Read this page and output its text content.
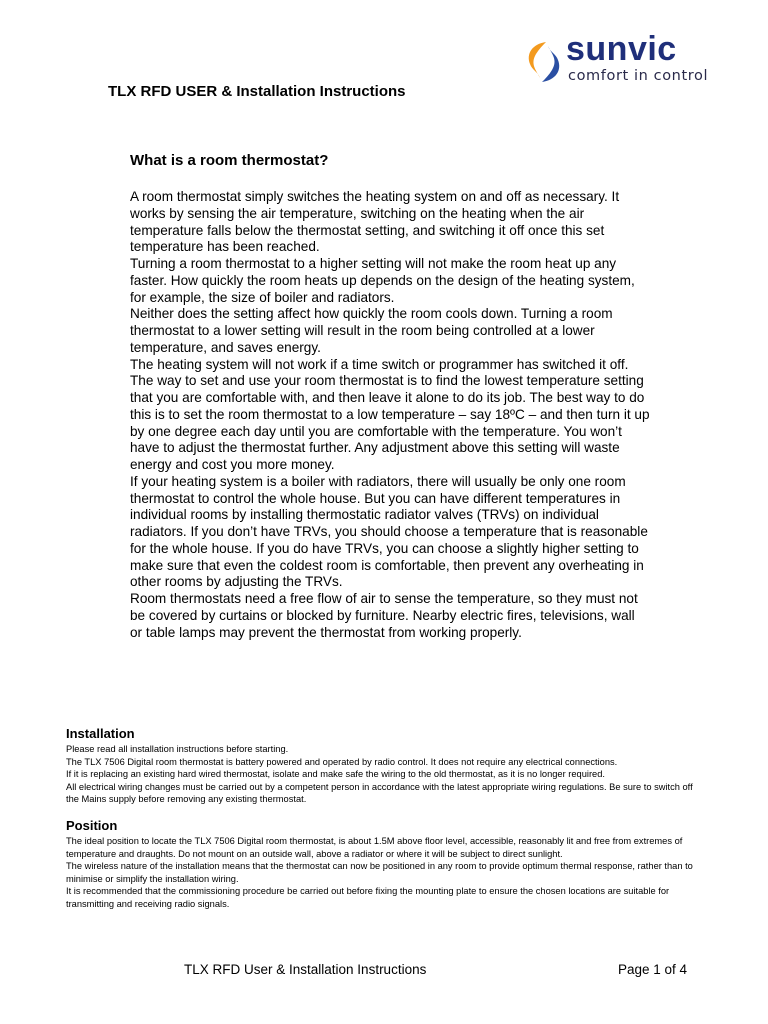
sunvic
comfort in control
TLX RFD USER & Installation Instructions
What is a room thermostat?

A room thermostat simply switches the heating system on and off as necessary. It works by sensing the air temperature, switching on the heating when the air temperature falls below the thermostat setting, and switching it off once this set temperature has been reached.

Turning a room thermostat to a higher setting will not make the room heat up any faster. How quickly the room heats up depends on the design of the heating system, for example, the size of boiler and radiators.

Neither does the setting affect how quickly the room cools down. Turning a room thermostat to a lower setting will result in the room being controlled at a lower temperature, and saves energy.

The heating system will not work if a time switch or programmer has switched it off.

The way to set and use your room thermostat is to find the lowest temperature setting that you are comfortable with, and then leave it alone to do its job. The best way to do this is to set the room thermostat to a low temperature – say 18ºC – and then turn it up by one degree each day until you are comfortable with the temperature. You won’t have to adjust the thermostat further. Any adjustment above this setting will waste energy and cost you more money.

If your heating system is a boiler with radiators, there will usually be only one room thermostat to control the whole house. But you can have different temperatures in individual rooms by installing thermostatic radiator valves (TRVs) on individual radiators. If you don’t have TRVs, you should choose a temperature that is reasonable for the whole house. If you do have TRVs, you can choose a slightly higher setting to make sure that even the coldest room is comfortable, then prevent any overheating in other rooms by adjusting the TRVs.

Room thermostats need a free flow of air to sense the temperature, so they must not be covered by curtains or blocked by furniture. Nearby electric fires, televisions, wall or table lamps may prevent the thermostat from working properly.

Installation

Please read all installation instructions before starting.

The TLX 7506 Digital room thermostat is battery powered and operated by radio control. It does not require any electrical connections.

If it is replacing an existing hard wired thermostat, isolate and make safe the wiring to the old thermostat, as it is no longer required.

All electrical wiring changes must be carried out by a competent person in accordance with the latest appropriate wiring regulations. Be sure to switch off the Mains supply before removing any existing thermostat.

Position

The ideal position to locate the TLX 7506 Digital room thermostat, is about 1.5M above floor level, accessible, reasonably lit and free from extremes of temperature and draughts. Do not mount on an outside wall, above a radiator or where it will be subject to direct sunlight.

The wireless nature of the installation means that the thermostat can now be positioned in any room to provide optimum thermal response, rather than to minimise or simplify the installation wiring.

It is recommended that the commissioning procedure be carried out before fixing the mounting plate to ensure the chosen locations are suitable for transmitting and receiving radio signals.

TLX RFD User & Installation Instructions	Page 1 of 4
